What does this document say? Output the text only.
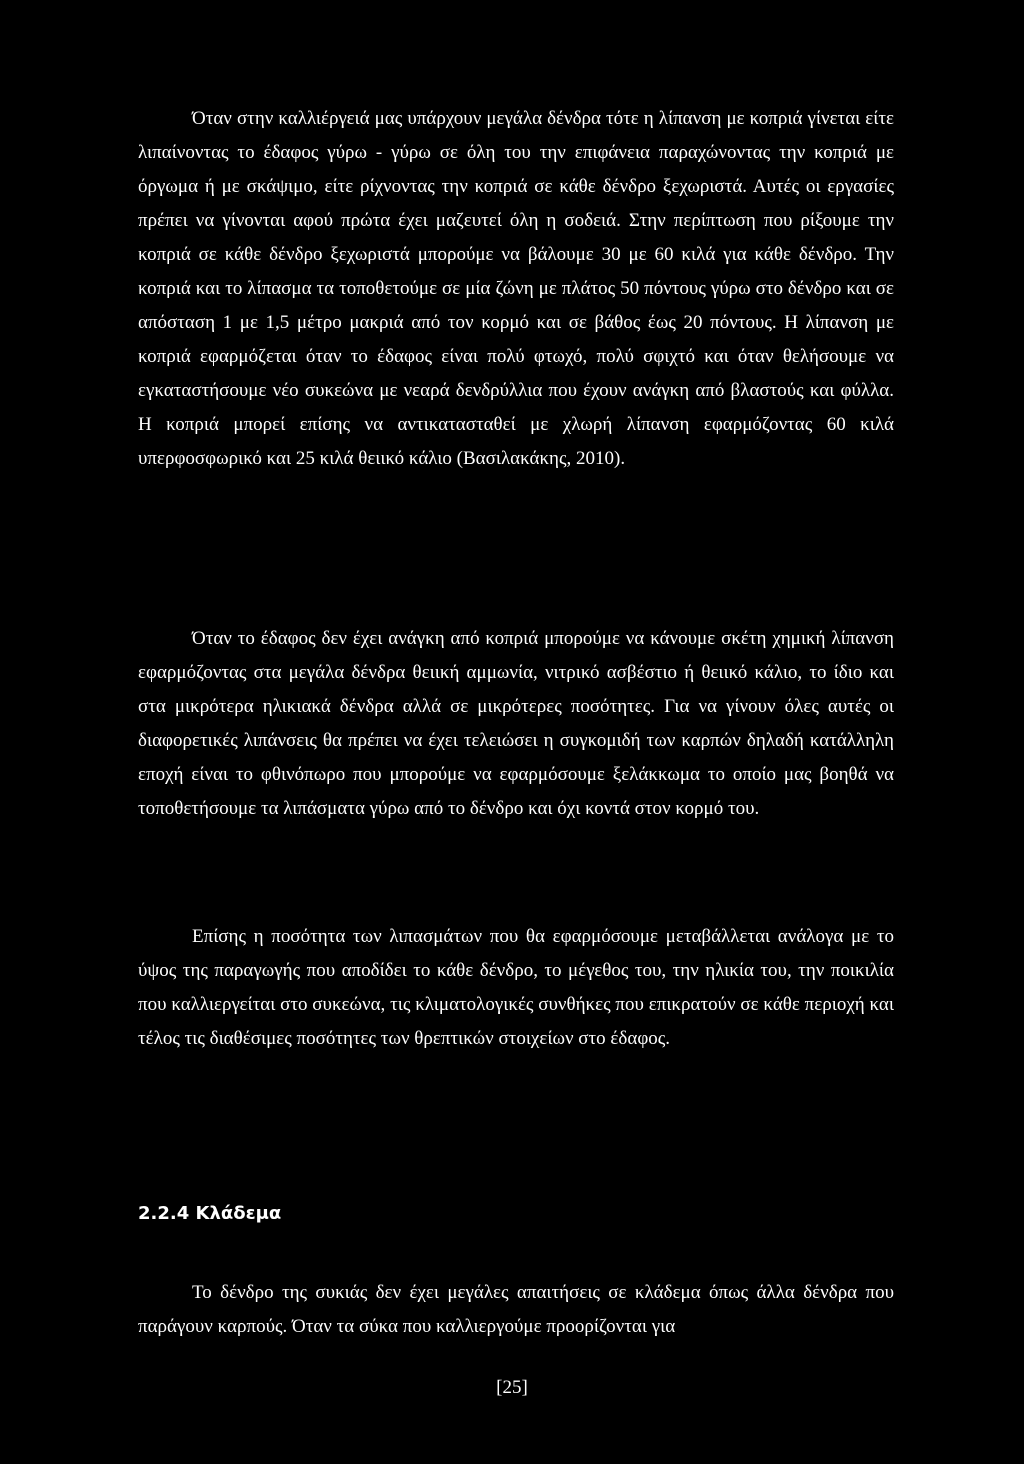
Όταν στην καλλιέργειά μας υπάρχουν μεγάλα δένδρα τότε η λίπανση με κοπριά γίνεται είτε λιπαίνοντας το έδαφος γύρω - γύρω σε όλη του την επιφάνεια παραχώνοντας την κοπριά με όργωμα ή με σκάψιμο, είτε ρίχνοντας την κοπριά σε κάθε δένδρο ξεχωριστά. Αυτές οι εργασίες πρέπει να γίνονται αφού πρώτα έχει μαζευτεί όλη η σοδειά. Στην περίπτωση που ρίξουμε την κοπριά σε κάθε δένδρο ξεχωριστά μπορούμε να βάλουμε 30 με 60 κιλά για κάθε δένδρο. Την κοπριά και το λίπασμα τα τοποθετούμε σε μία ζώνη με πλάτος 50 πόντους γύρω στο δένδρο και σε απόσταση 1 με 1,5 μέτρο μακριά από τον κορμό και σε βάθος έως 20 πόντους. Η λίπανση με κοπριά εφαρμόζεται όταν το έδαφος είναι πολύ φτωχό, πολύ σφιχτό και όταν θελήσουμε να εγκαταστήσουμε νέο συκεώνα με νεαρά δενδρύλλια που έχουν ανάγκη από βλαστούς και φύλλα. Η κοπριά μπορεί επίσης να αντικατασταθεί με χλωρή λίπανση εφαρμόζοντας 60 κιλά υπερφοσφωρικό και 25 κιλά θειικό κάλιο (Βασιλακάκης, 2010).

Όταν το έδαφος δεν έχει ανάγκη από κοπριά μπορούμε να κάνουμε σκέτη χημική λίπανση εφαρμόζοντας στα μεγάλα δένδρα θειική αμμωνία, νιτρικό ασβέστιο ή θειικό κάλιο, το ίδιο και στα μικρότερα ηλικιακά δένδρα αλλά σε μικρότερες ποσότητες. Για να γίνουν όλες αυτές οι διαφορετικές λιπάνσεις θα πρέπει να έχει τελειώσει η συγκομιδή των καρπών δηλαδή κατάλληλη εποχή είναι το φθινόπωρο που μπορούμε να εφαρμόσουμε ξελάκκωμα το οποίο μας βοηθά να τοποθετήσουμε τα λιπάσματα γύρω από το δένδρο και όχι κοντά στον κορμό του.

Επίσης η ποσότητα των λιπασμάτων που θα εφαρμόσουμε μεταβάλλεται ανάλογα με το ύψος της παραγωγής που αποδίδει το κάθε δένδρο, το μέγεθος του, την ηλικία του, την ποικιλία που καλλιεργείται στο συκεώνα, τις κλιματολογικές συνθήκες που επικρατούν σε κάθε περιοχή και τέλος τις διαθέσιμες ποσότητες των θρεπτικών στοιχείων στο έδαφος.

2.2.4 Κλάδεμα

Το δένδρο της συκιάς δεν έχει μεγάλες απαιτήσεις σε κλάδεμα όπως άλλα δένδρα που παράγουν καρπούς. Όταν τα σύκα που καλλιεργούμε προορίζονται για

[25]
